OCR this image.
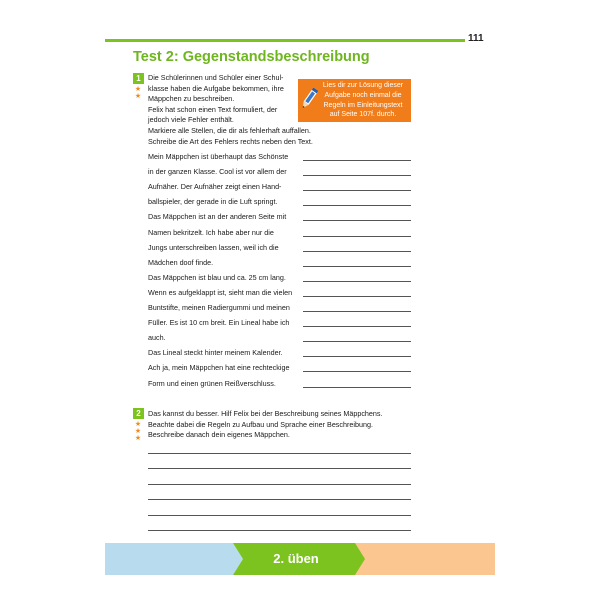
111
Test 2: Gegenstandsbeschreibung
1
★
★
Die Schülerinnen und Schüler einer Schul-
klasse haben die Aufgabe bekommen, ihre
Mäppchen zu beschreiben.
Felix hat schon einen Text formuliert, der
jedoch viele Fehler enthält.
Markiere alle Stellen, die dir als fehlerhaft auffallen.
Schreibe die Art des Fehlers rechts neben den Text.
Lies dir zur Lösung dieser
Aufgabe noch einmal die
Regeln im Einleitungstext
auf Seite 107f. durch.
Mein Mäppchen ist überhaupt das Schönste
in der ganzen Klasse. Cool ist vor allem der
Aufnäher. Der Aufnäher zeigt einen Hand-
ballspieler, der gerade in die Luft springt.
Das Mäppchen ist an der anderen Seite mit
Namen bekritzelt. Ich habe aber nur die
Jungs unterschreiben lassen, weil ich die
Mädchen doof finde.
Das Mäppchen ist blau und ca. 25 cm lang.
Wenn es aufgeklappt ist, sieht man die vielen
Buntstifte, meinen Radiergummi und meinen
Füller. Es ist 10 cm breit. Ein Lineal habe ich
auch.
Das Lineal steckt hinter meinem Kalender.
Ach ja, mein Mäppchen hat eine rechteckige
Form und einen grünen Reißverschluss.
2
★
★ ★
Das kannst du besser. Hilf Felix bei der Beschreibung seines Mäppchens.
Beachte dabei die Regeln zu Aufbau und Sprache einer Beschreibung.
Beschreibe danach dein eigenes Mäppchen.
2. üben
